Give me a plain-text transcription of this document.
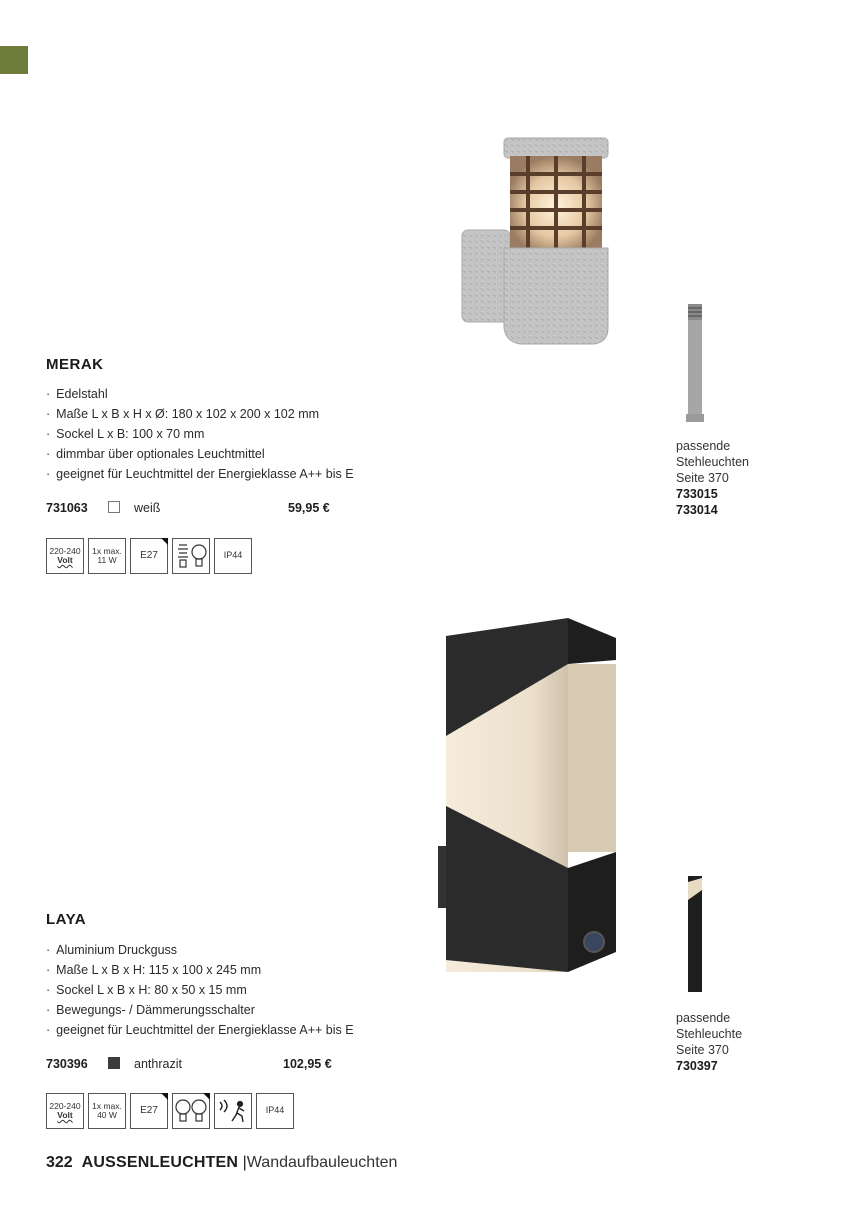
MERAK
· Edelstahl
· Maße L x B x H x Ø: 180 x 102 x 200 x 102 mm
· Sockel L x B: 100 x 70 mm
· dimmbar über optionales Leuchtmittel
· geeignet für Leuchtmittel der Energieklasse A++ bis E
731063	weiß	59,95 €
220-240
Volt
1x max.
11 W E27	IP44
passende
Stehleuchten
Seite 370
733015
733014
LAYA
· Aluminium Druckguss
· Maße L x B x H: 115 x 100 x 245 mm
· Sockel L x B x H: 80 x 50 x 15 mm
· Bewegungs- / Dämmerungsschalter
· geeignet für Leuchtmittel der Energieklasse A++ bis E
730396	anthrazit	102,95 €
220-240
Volt
1x max.
40 W E27	IP44
passende
Stehleuchte
Seite 370
730397
322 AUSSENLEUCHTEN |Wandaufbauleuchten
